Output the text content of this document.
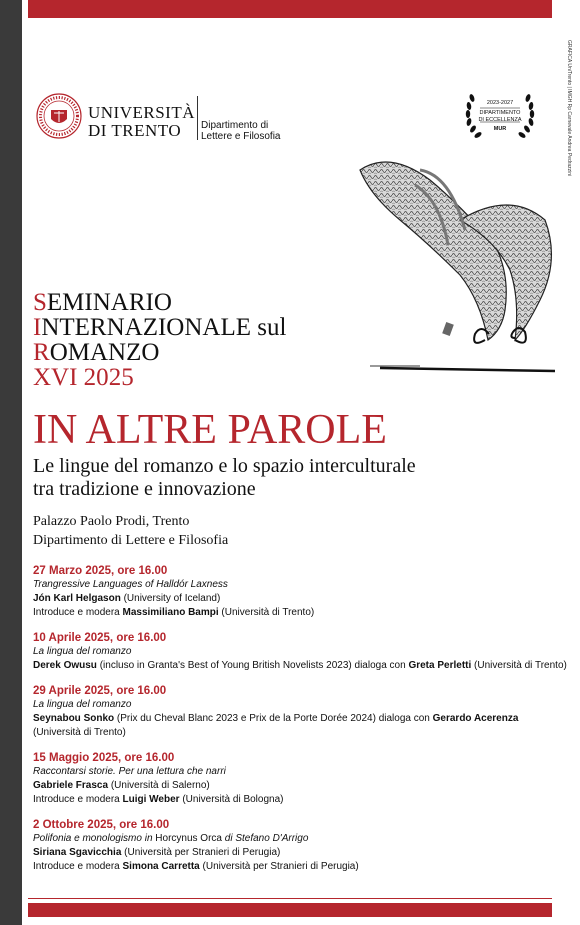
GRAFICA UniTrento | IMGH Rp Carnevale Andrea Pedrazzini
UNIVERSITÀ
DI TRENTO	Dipartimento di
Lettere e Filosofia
2023-2027
DIPARTIMENTO
DI ECCELLENZA
MUR
SEMINARIO
INTERNAZIONALE sul
ROMANZO
XVI 2025
IN ALTRE PAROLE
Le lingue del romanzo e lo spazio interculturale
tra tradizione e innovazione
Palazzo Paolo Prodi, Trento
Dipartimento di Lettere e Filosofia
27 Marzo 2025, ore 16.00
Trangressive Languages of Halldór Laxness
Jón Karl Helgason (University of Iceland)
Introduce e modera Massimiliano Bampi (Università di Trento)
10 Aprile 2025, ore 16.00
La lingua del romanzo
Derek Owusu (incluso in Granta's Best of Young British Novelists 2023) dialoga con Greta Perletti (Università di Trento)
29 Aprile 2025, ore 16.00
La lingua del romanzo
Seynabou Sonko (Prix du Cheval Blanc 2023 e Prix de la Porte Dorée 2024) dialoga con Gerardo Acerenza
(Università di Trento)
15 Maggio 2025, ore 16.00
Raccontarsi storie. Per una lettura che narri
Gabriele Frasca (Università di Salerno)
Introduce e modera Luigi Weber (Università di Bologna)
2 Ottobre 2025, ore 16.00
Polifonia e monologismo in Horcynus Orca di Stefano D'Arrigo
Siriana Sgavicchia (Università per Stranieri di Perugia)
Introduce e modera Simona Carretta (Università per Stranieri di Perugia)
